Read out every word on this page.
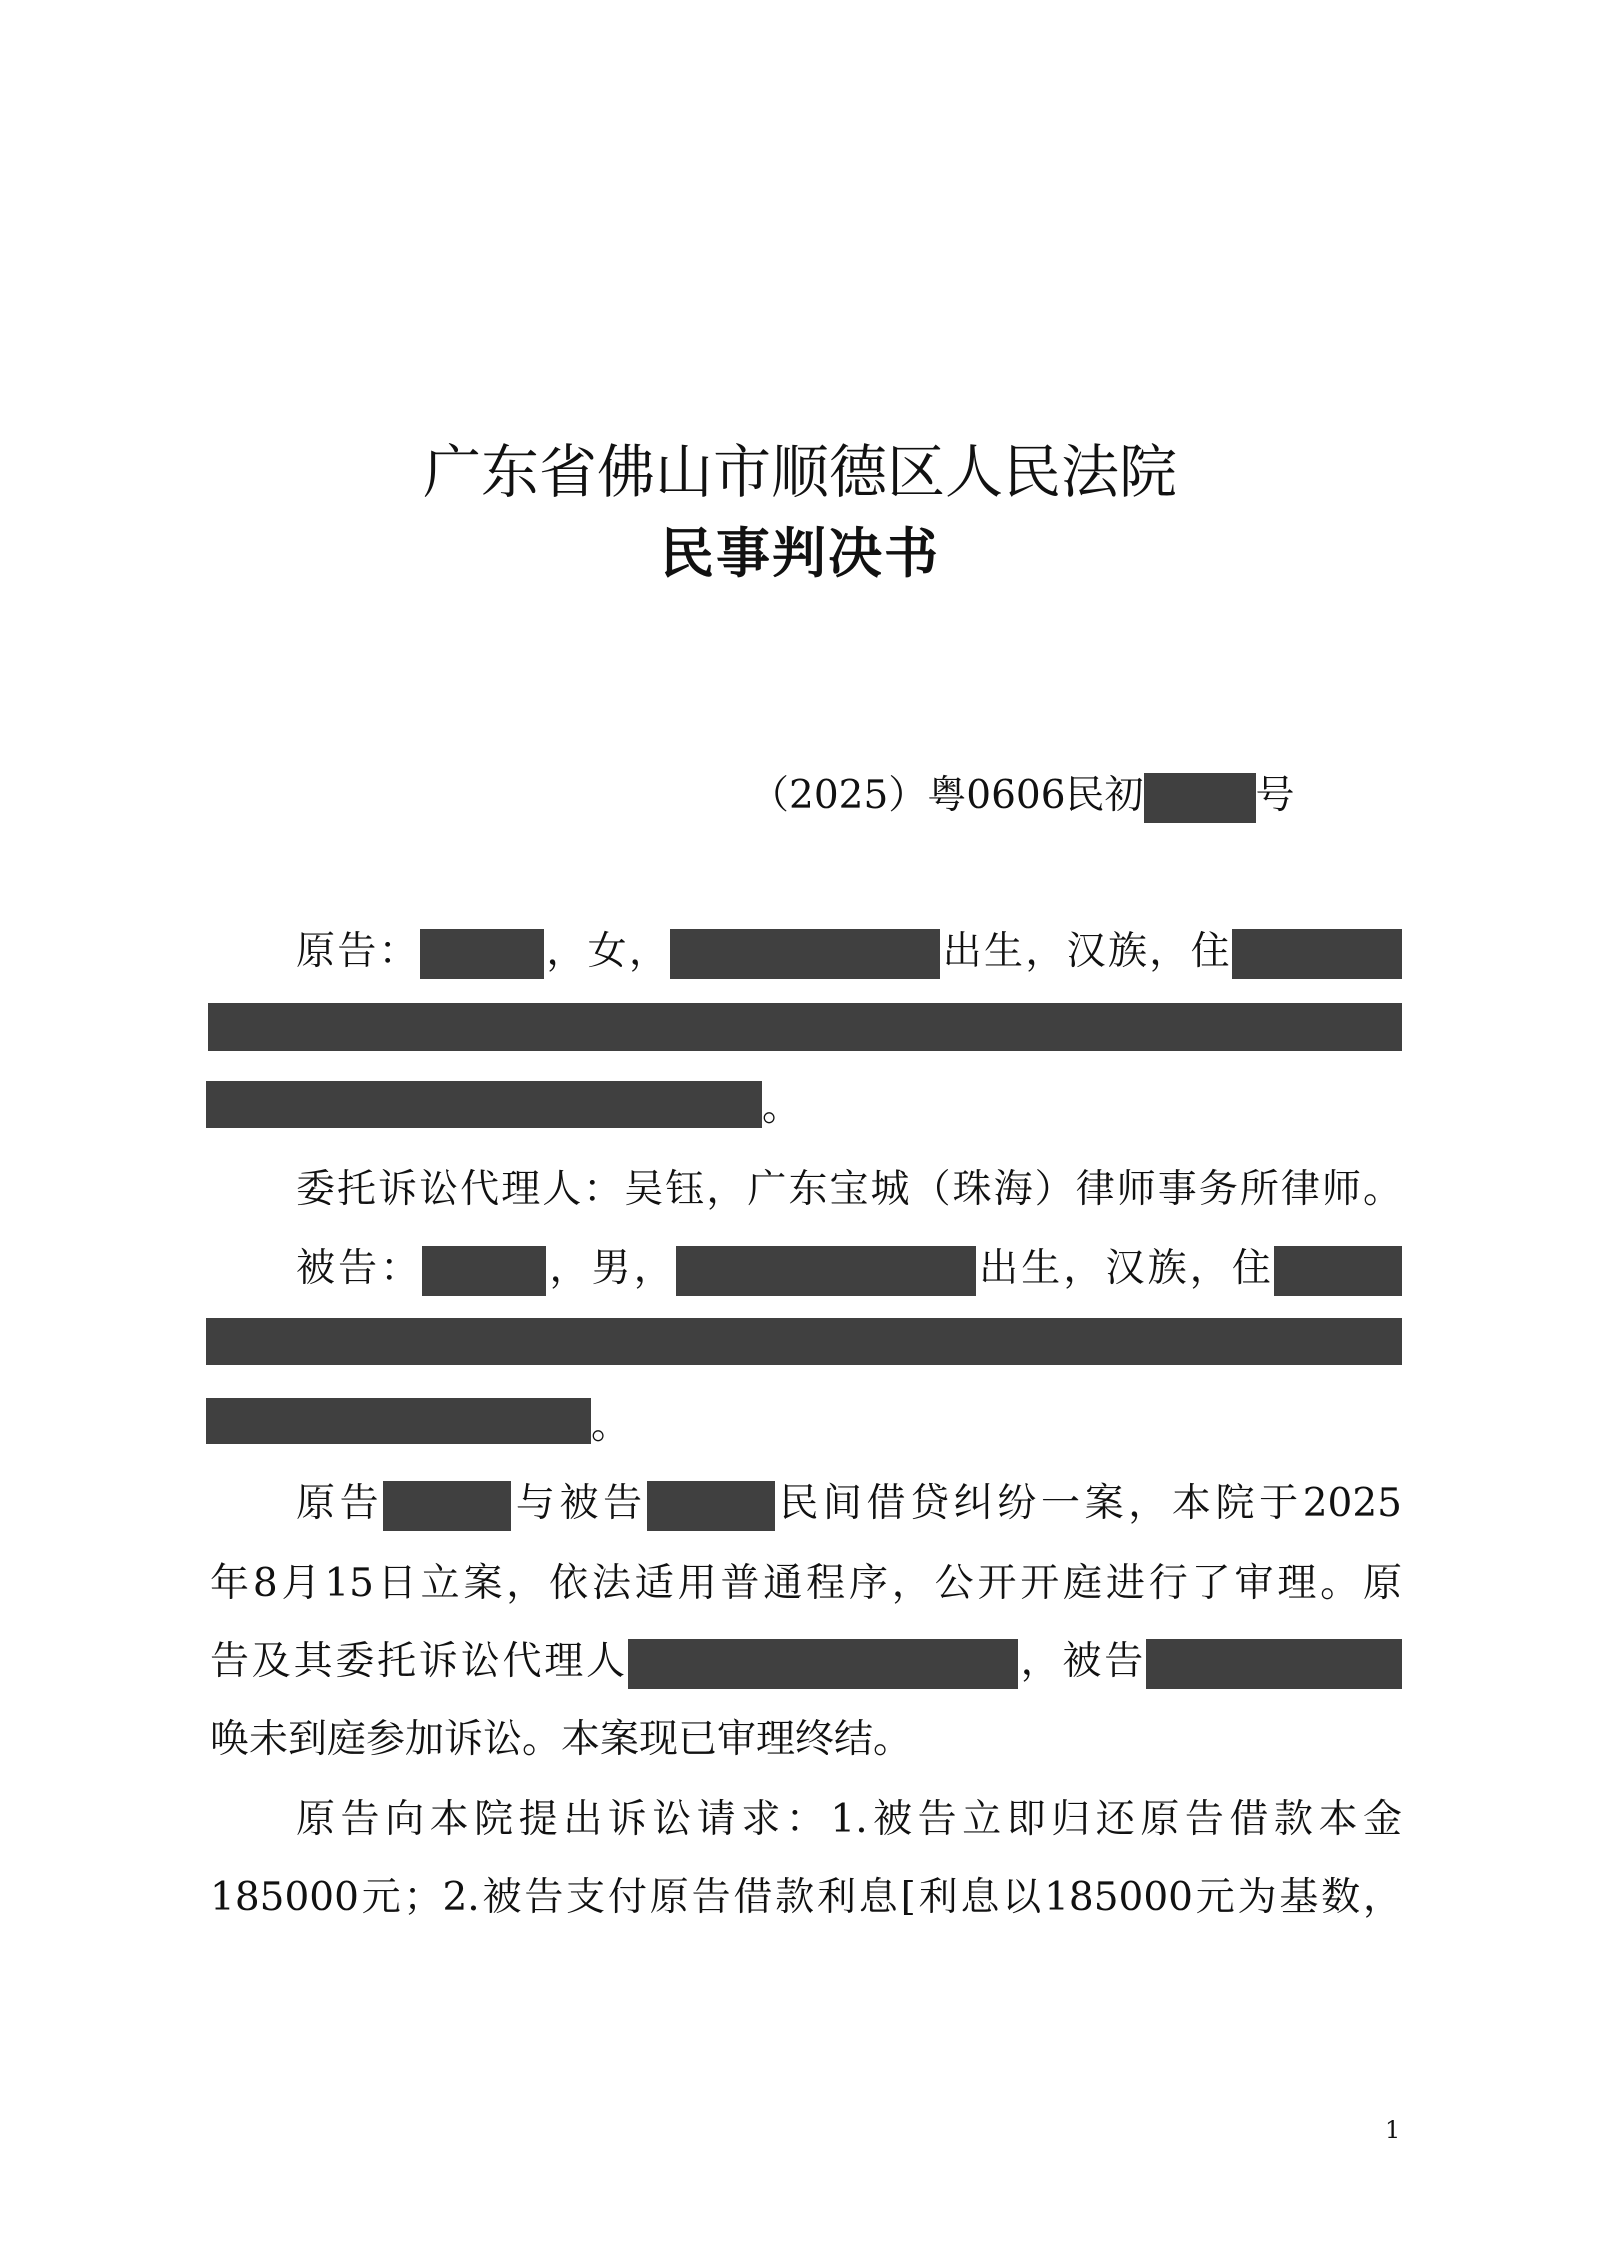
广东省佛山市顺德区人民法院
民事判决书
（2025）粤0606民初	号
原告：	，女，	出生，汉族，住
。
委托诉讼代理人：吴钰，广东宝城（珠海）律师事务所律师。
被告：	，男，	出生，汉族，住
。
原告	与被告	民间借贷纠纷一案，本院于2025
年8月15日立案，依法适用普通程序，公开开庭进行了审理。原
告及其委托诉讼代理人	，被告
唤未到庭参加诉讼。本案现已审理终结。
原告向本院提出诉讼请求：1.被告立即归还原告借款本金
185000元；2.被告支付原告借款利息[利息以185000元为基数，
1
